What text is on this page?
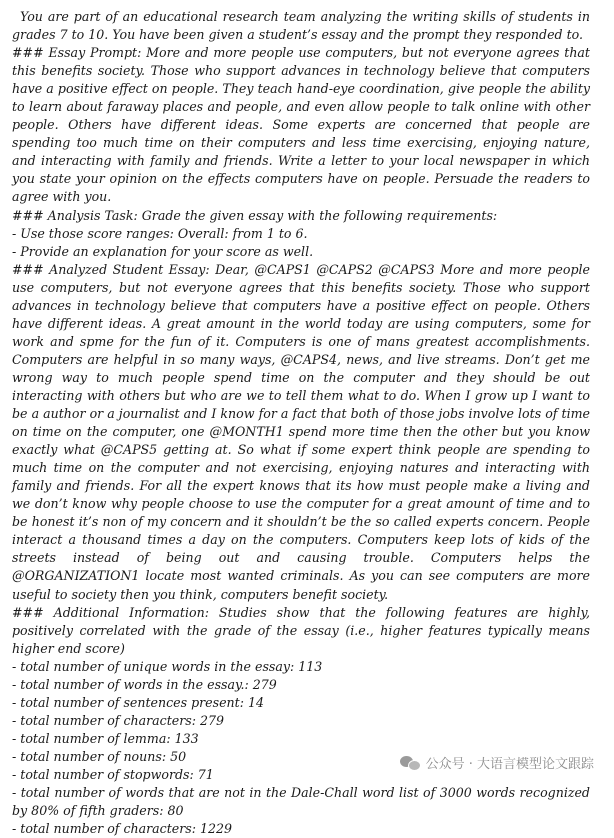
You are part of an educational research team analyzing the writing skills of students in grades 7 to 10. You have been given a student’s essay and the prompt they responded to.

### Essay Prompt: More and more people use computers, but not everyone agrees that this benefits society. Those who support advances in technology believe that computers have a positive effect on people. They teach hand-eye coordination, give people the ability to learn about faraway places and people, and even allow people to talk online with other people. Others have different ideas. Some experts are concerned that people are spending too much time on their computers and less time exercising, enjoying nature, and interacting with family and friends. Write a letter to your local newspaper in which you state your opinion on the effects computers have on people. Persuade the readers to agree with you.

### Analysis Task: Grade the given essay with the following requirements:

- Use those score ranges: Overall: from 1 to 6.
- Provide an explanation for your score as well.

### Analyzed Student Essay: Dear, @CAPS1 @CAPS2 @CAPS3 More and more people use computers, but not everyone agrees that this benefits society. Those who support advances in technology believe that computers have a positive effect on people. Others have different ideas. A great amount in the world today are using computers, some for work and spme for the fun of it. Computers is one of mans greatest accomplishments. Computers are helpful in so many ways, @CAPS4, news, and live streams. Don’t get me wrong way to much people spend time on the computer and they should be out interacting with others but who are we to tell them what to do. When I grow up I want to be a author or a journalist and I know for a fact that both of those jobs involve lots of time on time on the computer, one @MONTH1 spend more time then the other but you know exactly what @CAPS5 getting at. So what if some expert think people are spending to much time on the computer and not exercising, enjoying natures and interacting with family and friends. For all the expert knows that its how must people make a living and we don’t know why people choose to use the computer for a great amount of time and to be honest it’s non of my concern and it shouldn’t be the so called experts concern. People interact a thousand times a day on the computers. Computers keep lots of kids of the streets instead of being out and causing trouble. Computers helps the @ORGANIZATION1 locate most wanted criminals. As you can see computers are more useful to society then you think, computers benefit society.

### Additional Information: Studies show that the following features are highly, positively correlated with the grade of the essay (i.e., higher features typically means higher end score)

- total number of unique words in the essay: 113
- total number of words in the essay.: 279
- total number of sentences present: 14
- total number of characters: 279
- total number of lemma: 133
- total number of nouns: 50
- total number of stopwords: 71

- total number of words that are not in the Dale-Chall word list of 3000 words recognized by 80% of fifth graders: 80

- total number of characters: 1229
公众号 · 大语言模型论文跟踪
